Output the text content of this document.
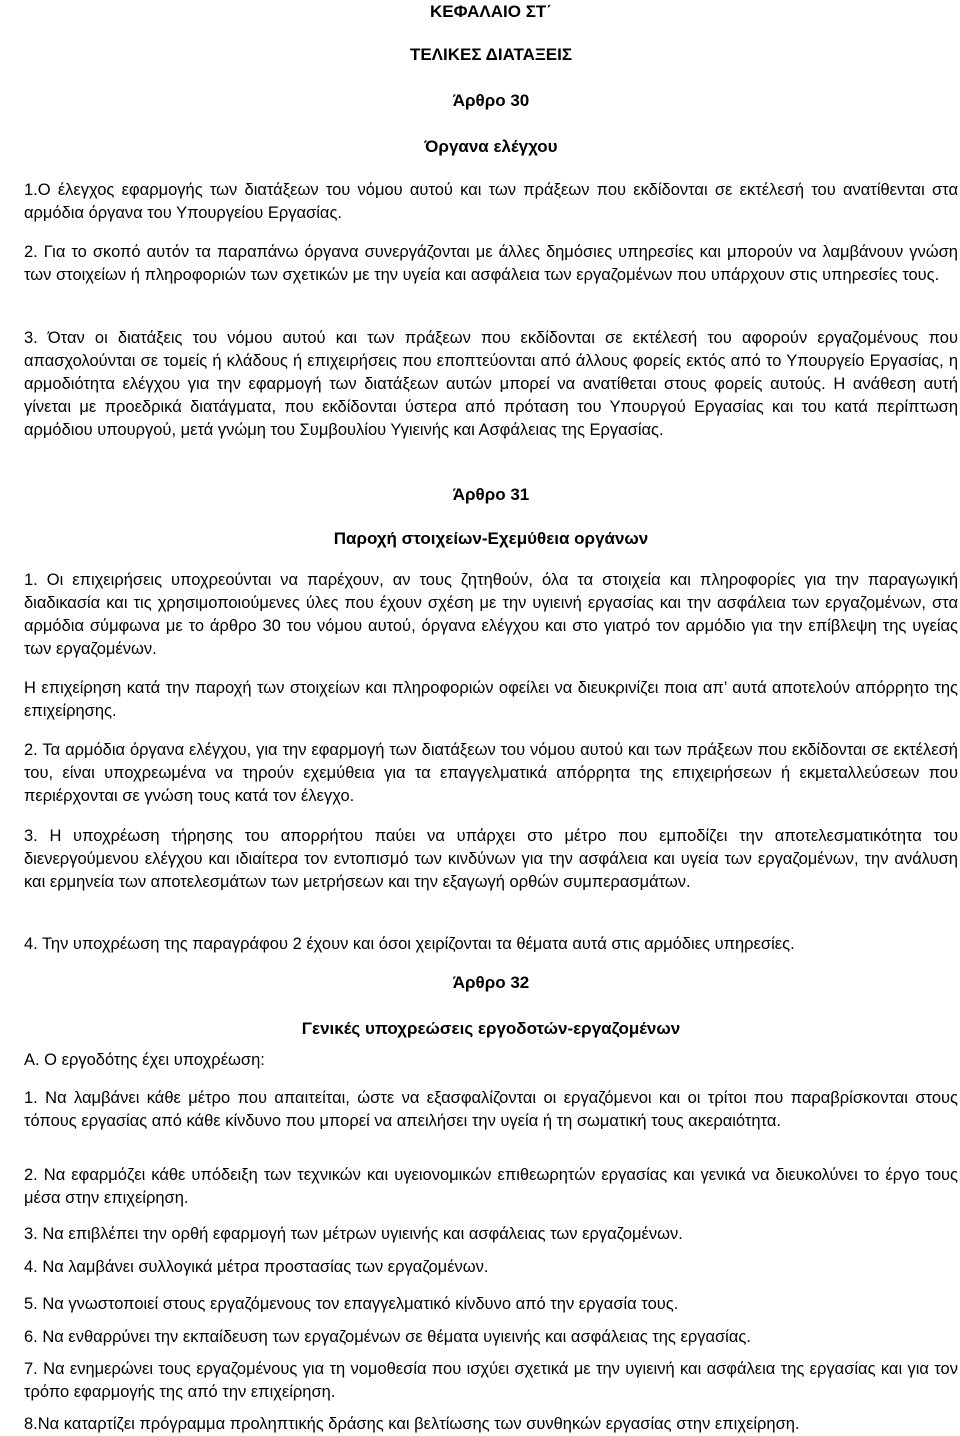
ΚΕΦΑΛΑΙΟ ΣΤ΄
ΤΕΛΙΚΕΣ ΔΙΑΤΑΞΕΙΣ
Άρθρο 30
Όργανα ελέγχου

1.Ο έλεγχος εφαρμογής των διατάξεων του νόμου αυτού και των πράξεων που εκδίδονται σε εκτέλεσή του ανατίθενται στα αρμόδια όργανα του Υπουργείου Εργασίας.

2. Για το σκοπό αυτόν τα παραπάνω όργανα συνεργάζονται με άλλες δημόσιες υπηρεσίες και μπορούν να λαμβάνουν γνώση των στοιχείων ή πληροφοριών των σχετικών με την υγεία και ασφάλεια των εργαζομένων που υπάρχουν στις υπηρεσίες τους.

3. Όταν οι διατάξεις του νόμου αυτού και των πράξεων που εκδίδονται σε εκτέλεσή του αφορούν εργαζομένους που απασχολούνται σε τομείς ή κλάδους ή επιχειρήσεις που εποπτεύονται από άλλους φορείς εκτός από το Υπουργείο Εργασίας, η αρμοδιότητα ελέγχου για την εφαρμογή των διατάξεων αυτών μπορεί να ανατίθεται στους φορείς αυτούς. Η ανάθεση αυτή γίνεται με προεδρικά διατάγματα, που εκδίδονται ύστερα από πρόταση του Υπουργού Εργασίας και του κατά περίπτωση αρμόδιου υπουργού, μετά γνώμη του Συμβουλίου Υγιεινής και Ασφάλειας της Εργασίας.

Άρθρο 31
Παροχή στοιχείων-Εχεμύθεια οργάνων

1. Οι επιχειρήσεις υποχρεούνται να παρέχουν, αν τους ζητηθούν, όλα τα στοιχεία και πληροφορίες για την παραγωγική διαδικασία και τις χρησιμοποιούμενες ύλες που έχουν σχέση με την υγιεινή εργασίας και την ασφάλεια των εργαζομένων, στα αρμόδια σύμφωνα με το άρθρο 30 του νόμου αυτού, όργανα ελέγχου και στο γιατρό τον αρμόδιο για την επίβλεψη της υγείας των εργαζομένων.

Η επιχείρηση κατά την παροχή των στοιχείων και πληροφοριών οφείλει να διευκρινίζει ποια απ’ αυτά αποτελούν απόρρητο της επιχείρησης.

2. Τα αρμόδια όργανα ελέγχου, για την εφαρμογή των διατάξεων του νόμου αυτού και των πράξεων που εκδίδονται σε εκτέλεσή του, είναι υποχρεωμένα να τηρούν εχεμύθεια για τα επαγγελματικά απόρρητα της επιχειρήσεων ή εκμεταλλεύσεων που περιέρχονται σε γνώση τους κατά τον έλεγχο.

3. Η υποχρέωση τήρησης του απορρήτου παύει να υπάρχει στο μέτρο που εμποδίζει την αποτελεσματικότητα του διενεργούμενου ελέγχου και ιδιαίτερα τον εντοπισμό των κινδύνων για την ασφάλεια και υγεία των εργαζομένων, την ανάλυση και ερμηνεία των αποτελεσμάτων των μετρήσεων και την εξαγωγή ορθών συμπερασμάτων.

4. Την υποχρέωση της παραγράφου 2 έχουν και όσοι χειρίζονται τα θέματα αυτά στις αρμόδιες υπηρεσίες.

Άρθρο 32
Γενικές υποχρεώσεις εργοδοτών-εργαζομένων

Α. Ο εργοδότης έχει υποχρέωση:

1. Να λαμβάνει κάθε μέτρο που απαιτείται, ώστε να εξασφαλίζονται οι εργαζόμενοι και οι τρίτοι που παραβρίσκονται στους τόπους εργασίας από κάθε κίνδυνο που μπορεί να απειλήσει την υγεία ή τη σωματική τους ακεραιότητα.

2. Να εφαρμόζει κάθε υπόδειξη των τεχνικών και υγειονομικών επιθεωρητών εργασίας και γενικά να διευκολύνει το έργο τους μέσα στην επιχείρηση.

3. Να επιβλέπει την ορθή εφαρμογή των μέτρων υγιεινής και ασφάλειας των εργαζομένων.

4. Να λαμβάνει συλλογικά μέτρα προστασίας των εργαζομένων.

5. Να γνωστοποιεί στους εργαζόμενους τον επαγγελματικό κίνδυνο από την εργασία τους.

6. Να ενθαρρύνει την εκπαίδευση των εργαζομένων σε θέματα υγιεινής και ασφάλειας της εργασίας.

7. Να ενημερώνει τους εργαζομένους για τη νομοθεσία που ισχύει σχετικά με την υγιεινή και ασφάλεια της εργασίας και για τον τρόπο εφαρμογής της από την επιχείρηση.

8.Να καταρτίζει πρόγραμμα προληπτικής δράσης και βελτίωσης των συνθηκών εργασίας στην επιχείρηση.
